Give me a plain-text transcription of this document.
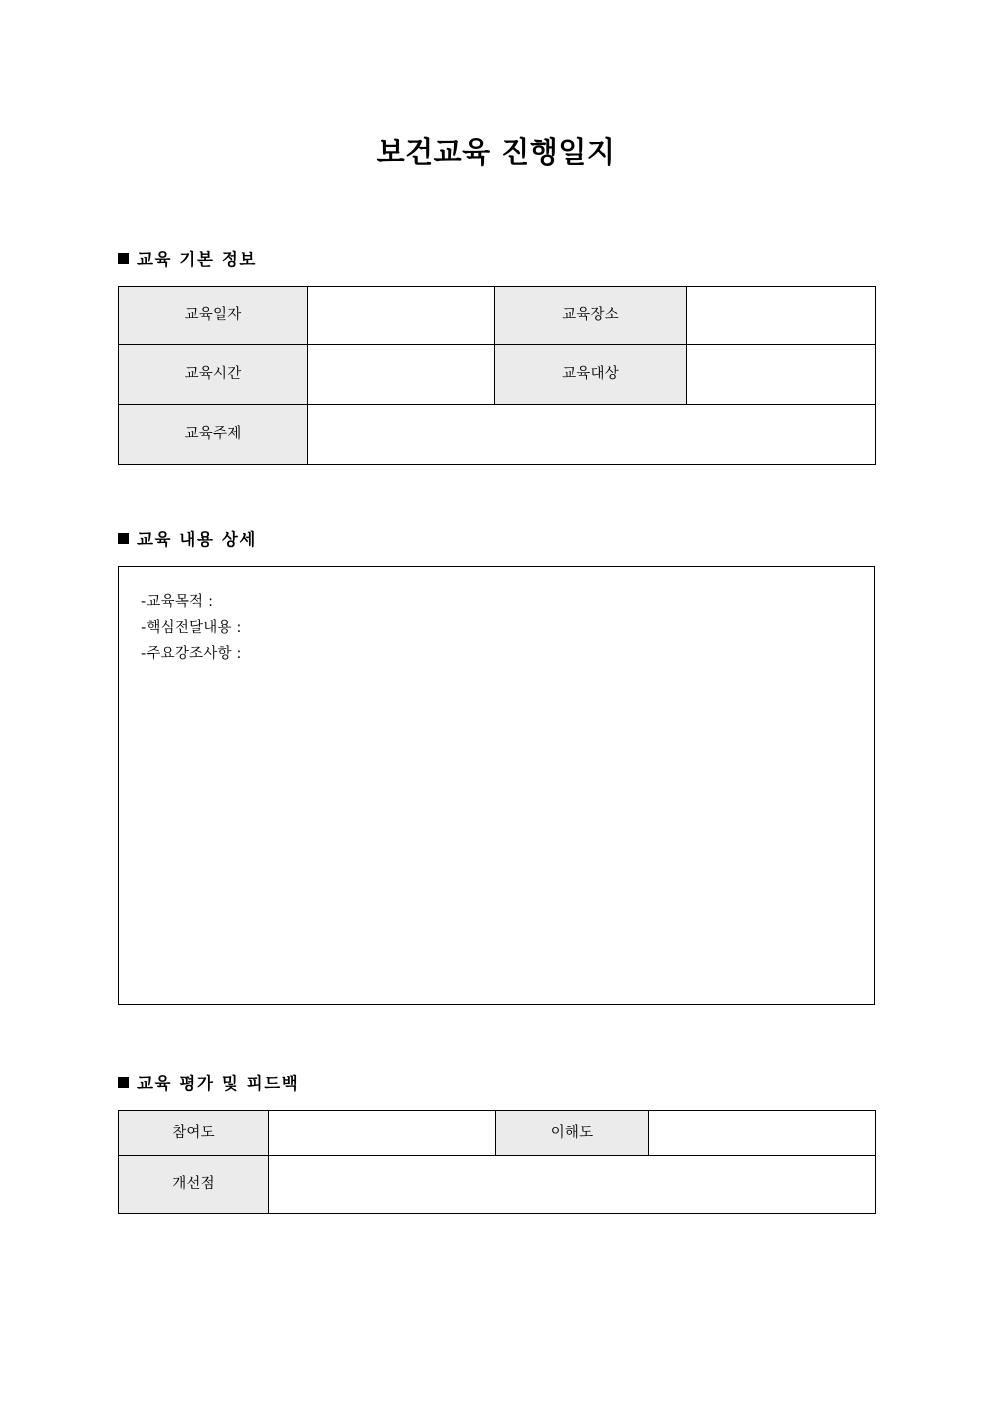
보건교육 진행일지
교육 기본 정보
교육일자		교육장소	
교육시간		교육대상	
교육주제			
교육 내용 상세
-교육목적 :
-핵심전달내용 :
-주요강조사항 :
교육 평가 및 피드백
참여도		이해도	
개선점			
